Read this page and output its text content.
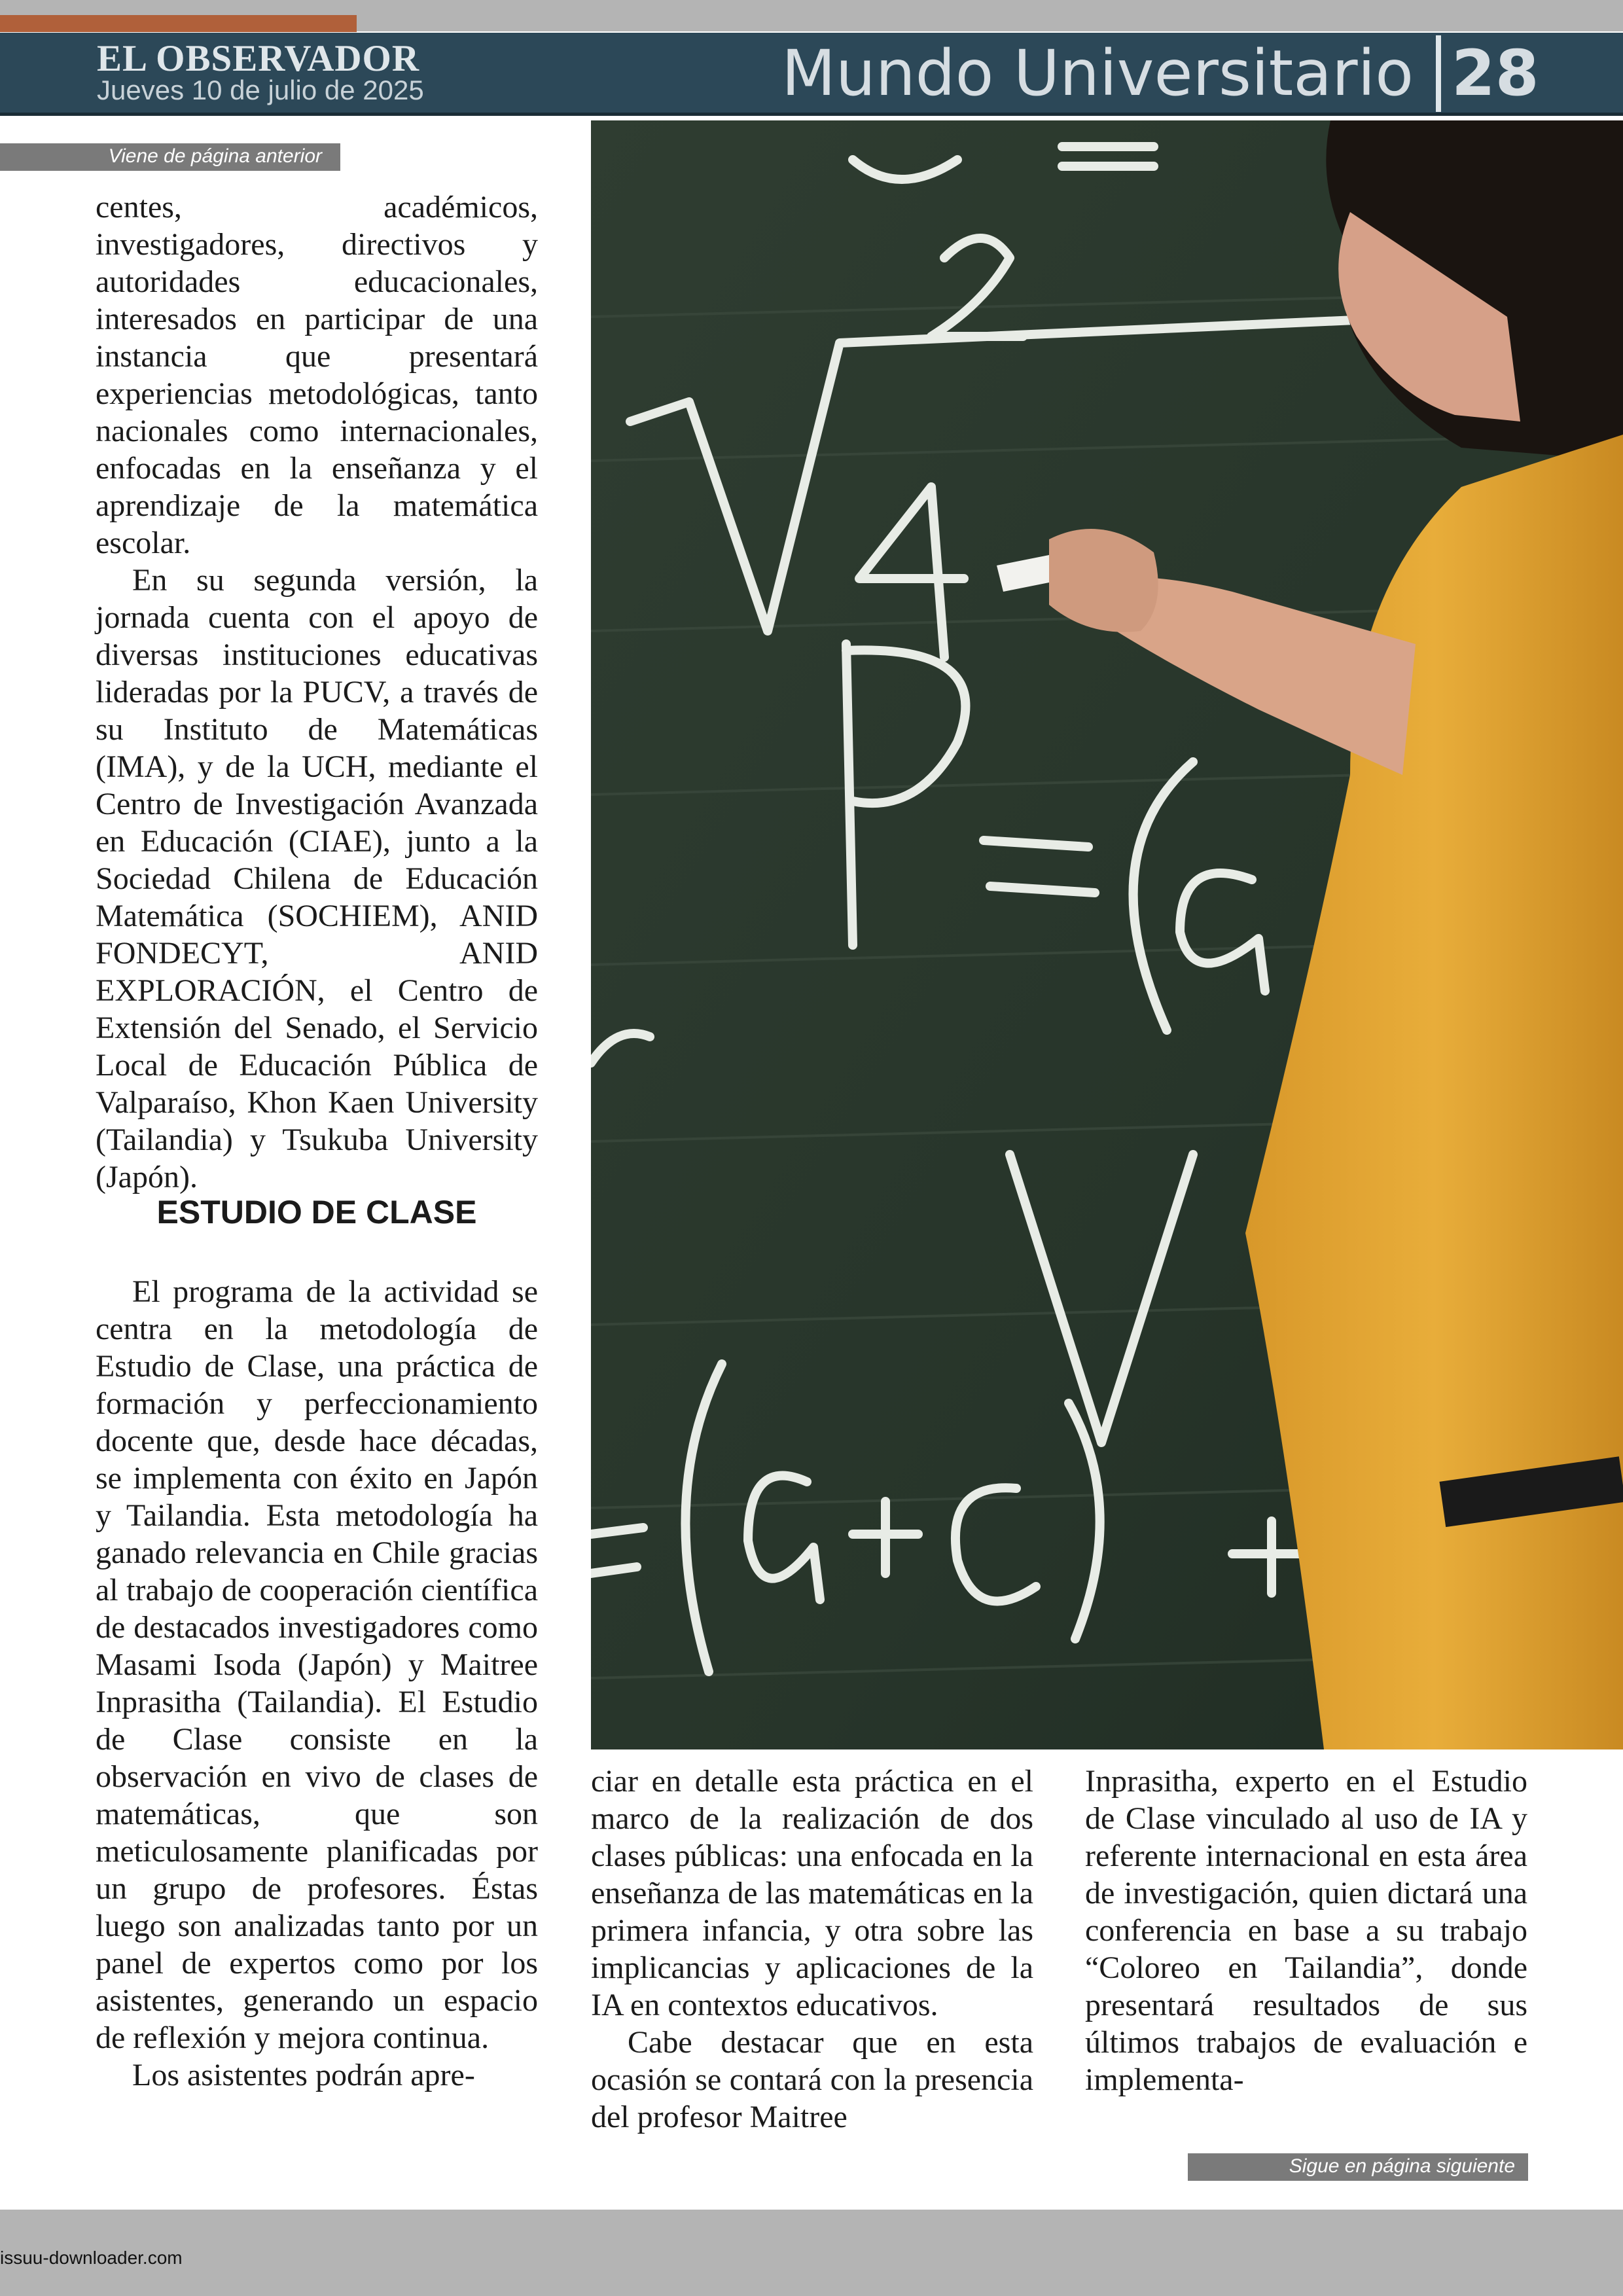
EL OBSERVADOR
Jueves 10 de julio de 2025	Mundo Universitario 28
Viene de página anterior

centes, académicos, investigadores, directivos y autoridades educacionales, interesados en participar de una instancia que presentará experiencias metodológicas, tanto nacionales como internacionales, enfocadas en la enseñanza y el aprendizaje de la matemática escolar.

En su segunda versión, la jornada cuenta con el apoyo de diversas instituciones educativas lideradas por la PUCV, a través de su Instituto de Matemáticas (IMA), y de la UCH, mediante el Centro de Investigación Avanzada en Educación (CIAE), junto a la Sociedad Chilena de Educación Matemática (SOCHIEM), ANID FONDECYT, ANID EXPLORACIÓN, el Centro de Extensión del Senado, el Servicio Local de Educación Pública de Valparaíso, Khon Kaen University (Tailandia) y Tsukuba University (Japón).

ESTUDIO DE CLASE

El programa de la actividad se centra en la metodología de Estudio de Clase, una práctica de formación y perfeccionamiento docente que, desde hace décadas, se implementa con éxito en Japón y Tailandia. Esta metodología ha ganado relevancia en Chile gracias al trabajo de cooperación científica de destacados investigadores como Masami Isoda (Japón) y Maitree Inprasitha (Tailandia). El Estudio de Clase consiste en la observación en vivo de clases de matemáticas, que son meticulosamente planificadas por un grupo de profesores. Éstas luego son analizadas tanto por un panel de expertos como por los asistentes, generando un espacio de reflexión y mejora continua.

Los asistentes podrán apre-

ciar en detalle esta práctica en el marco de la realización de dos clases públicas: una enfocada en la enseñanza de las matemáticas en la primera infancia, y otra sobre las implicancias y aplicaciones de la IA en contextos educativos.

Cabe destacar que en esta ocasión se contará con la presencia del profesor Maitree

Inprasitha, experto en el Estudio de Clase vinculado al uso de IA y referente internacional en esta área de investigación, quien dictará una conferencia en base a su trabajo “Coloreo en Tailandia”, donde presentará resultados de sus últimos trabajos de evaluación e implementa-

Sigue en página siguiente
issuu-downloader.com
